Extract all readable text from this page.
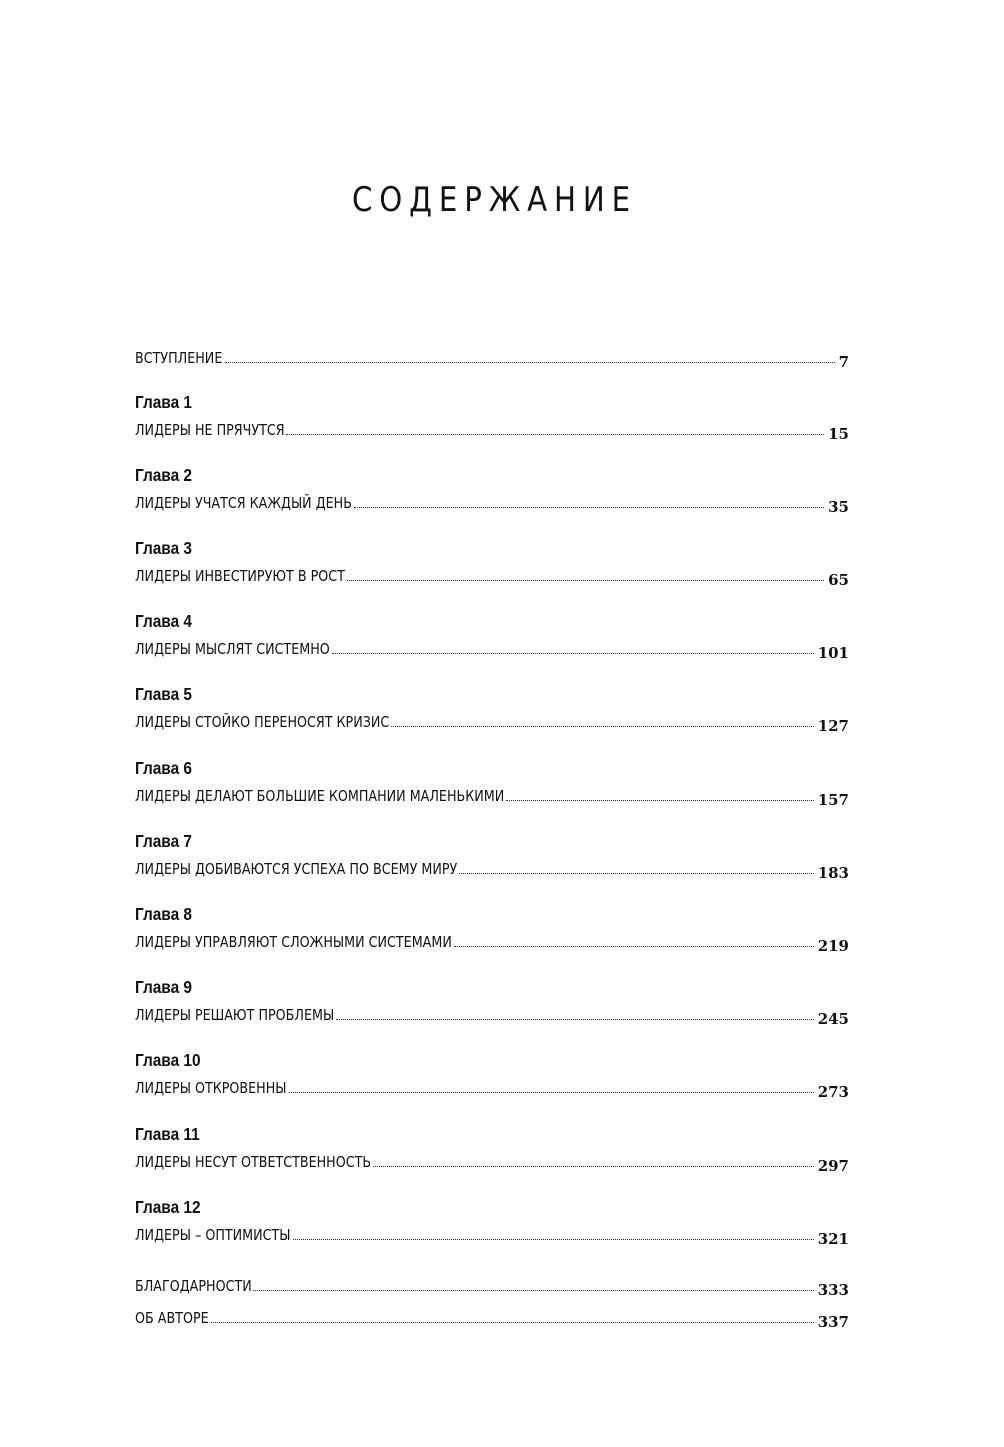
СОДЕРЖАНИЕ
ВСТУПЛЕНИЕ	7
Глава 1
ЛИДЕРЫ НЕ ПРЯЧУТСЯ	15
Глава 2
ЛИДЕРЫ УЧАТСЯ КАЖДЫЙ ДЕНЬ	35
Глава 3
ЛИДЕРЫ ИНВЕСТИРУЮТ В РОСТ	65
Глава 4
ЛИДЕРЫ МЫСЛЯТ СИСТЕМНО	101
Глава 5
ЛИДЕРЫ СТОЙКО ПЕРЕНОСЯТ КРИЗИС	127
Глава 6
ЛИДЕРЫ ДЕЛАЮТ БОЛЬШИЕ КОМПАНИИ МАЛЕНЬКИМИ	157
Глава 7
ЛИДЕРЫ ДОБИВАЮТСЯ УСПЕХА ПО ВСЕМУ МИРУ	183
Глава 8
ЛИДЕРЫ УПРАВЛЯЮТ СЛОЖНЫМИ СИСТЕМАМИ	219
Глава 9
ЛИДЕРЫ РЕШАЮТ ПРОБЛЕМЫ	245
Глава 10
ЛИДЕРЫ ОТКРОВЕННЫ	273
Глава 11
ЛИДЕРЫ НЕСУТ ОТВЕТСТВЕННОСТЬ	297
Глава 12
ЛИДЕРЫ – ОПТИМИСТЫ	321
БЛАГОДАРНОСТИ	333
ОБ АВТОРЕ	337
